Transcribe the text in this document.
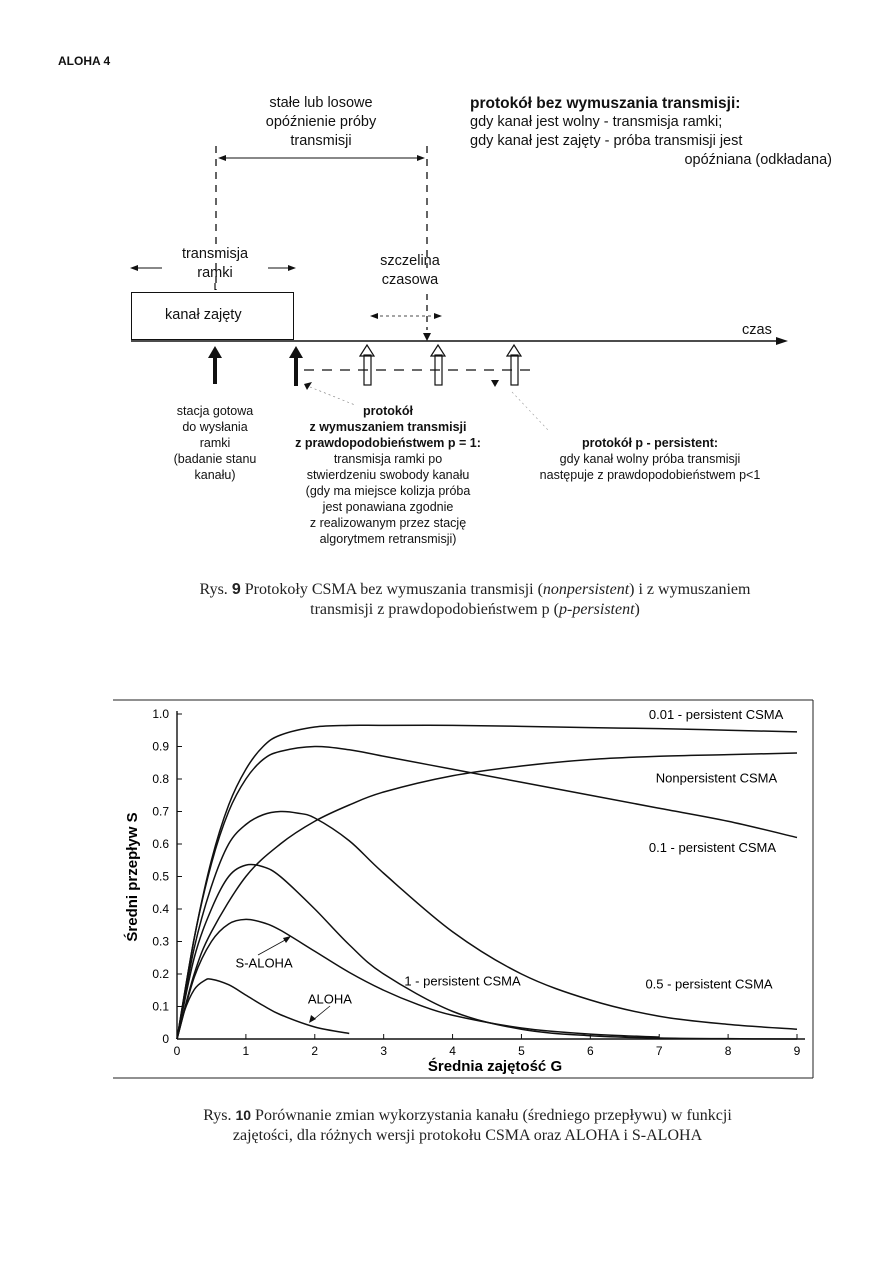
ALOHA 4
stałe lub losowe
opóźnienie próby
transmisji
protokół bez wymuszania transmisji:
gdy kanał jest wolny - transmisja ramki;
gdy kanał jest zajęty - próba transmisji jest
opóźniana (odkładana)
transmisja
ramki
szczelina
czasowa
kanał zajęty
czas
stacja gotowa
do wysłania
ramki
(badanie stanu
kanału)
protokół
z wymuszaniem transmisji
z prawdopodobieństwem p = 1:
transmisja ramki po
stwierdzeniu swobody kanału
(gdy ma miejsce kolizja próba
jest ponawiana zgodnie
z realizowanym przez stację
algorytmem retransmisji)
protokół p - persistent:
gdy kanał wolny próba transmisji
następuje z prawdopodobieństwem p<1
Rys. 9 Protokoły CSMA bez wymuszania transmisji (nonpersistent) i z wymuszaniem
transmisji z prawdopodobieństwem p (p-persistent)
0	1	2	3	4	5	6	7	8	9
0
0.1
0.2
0.3
0.4
0.5
0.6
0.7
0.8
0.9
1.0	0.01 - persistent CSMA
Nonpersistent CSMA
0.1 - persistent CSMA
0.5 - persistent CSMA
1 - persistent CSMA
S-ALOHA
ALOHA
Średnia zajętość G
Średni przepływ S
Rys. 10 Porównanie zmian wykorzystania kanału (średniego przepływu) w funkcji
zajętości, dla różnych wersji protokołu CSMA oraz ALOHA i S-ALOHA
